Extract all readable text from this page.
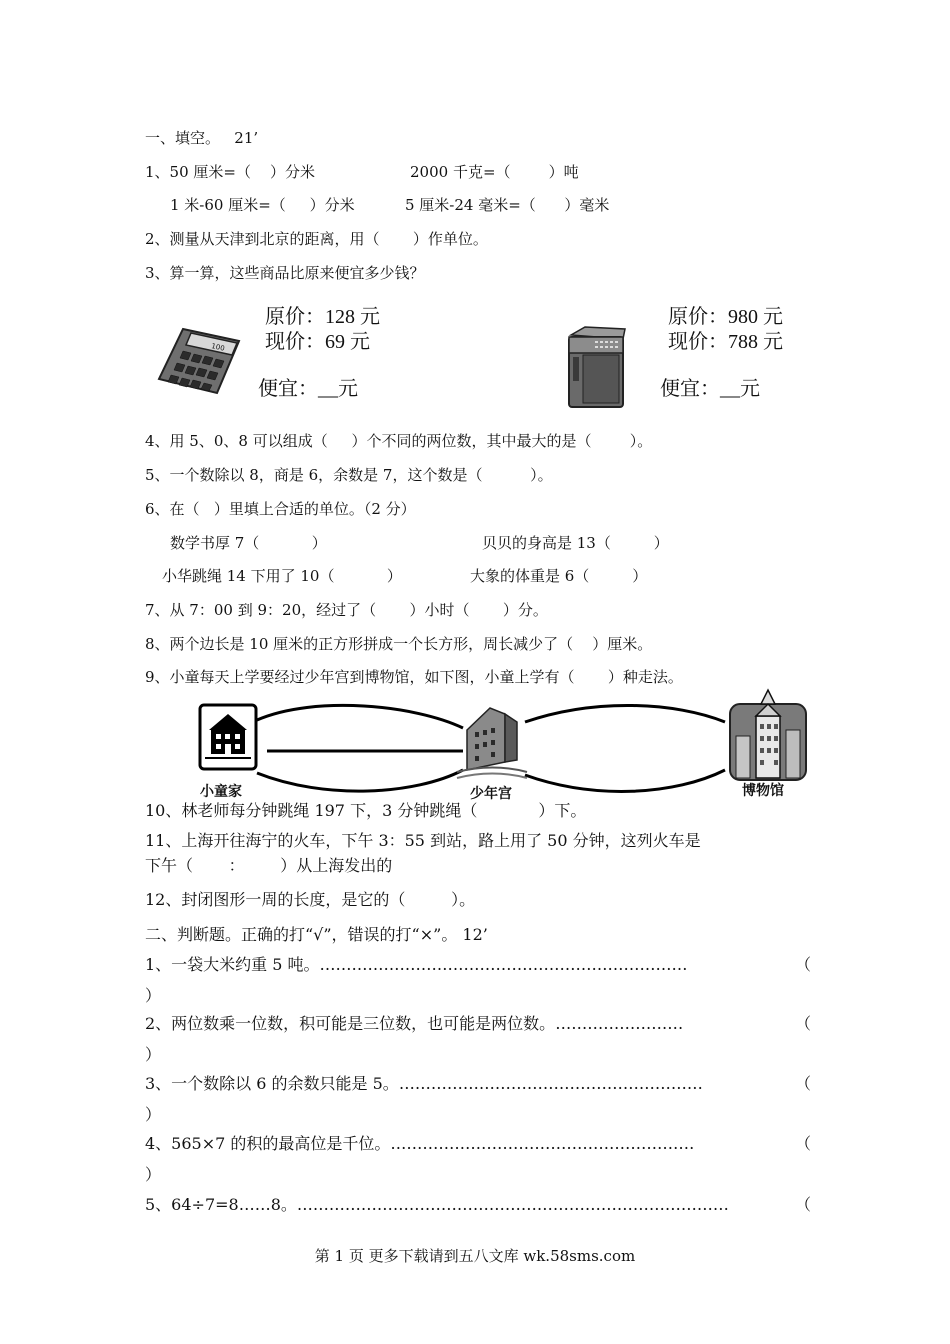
一、填空。   21’
1、50 厘米=（    ）分米	2000 千克=（        ）吨
1 米-60 厘米=（     ）分米	5 厘米-24 毫米=（      ）毫米
2、测量从天津到北京的距离，用（       ）作单位。
3、算一算，这些商品比原来便宜多少钱？
100
原价：128 元
现价：69 元
便宜：__元
原价：980 元
现价：788 元
便宜：__元
4、用 5、0、8 可以组成（     ）个不同的两位数，其中最大的是（        ）。
5、一个数除以 8，商是 6，余数是 7，这个数是（          ）。
6、在（   ）里填上合适的单位。（2 分）
数学书厚 7（           ）	贝贝的身高是 13（         ）
小华跳绳 14 下用了 10（           ）	大象的体重是 6（         ）
7、从 7：00 到 9：20，经过了（       ）小时（       ）分。
8、两个边长是 10 厘米的正方形拼成一个长方形，周长减少了（    ）厘米。
9、小童每天上学要经过少年宫到博物馆，如下图，小童上学有（       ）种走法。
小童家	少年宫	博物馆
10、林老师每分钟跳绳 197 下，3 分钟跳绳（            ）下。
11、上海开往海宁的火车，下午 3：55 到站，路上用了 50 分钟，这列火车是
下午（       ：       ）从上海发出的
12、封闭图形一周的长度，是它的（         ）。
二、判断题。正确的打“√”，错误的打“×”。 12’
1、一袋大米约重 5 吨。……………………………………………………………	（
）
2、两位数乘一位数，积可能是三位数，也可能是两位数。……………………	（
）
3、一个数除以 6 的余数只能是 5。…………………………………………………	（
）
4、565×7 的积的最高位是千位。…………………………………………………	（
）
5、64÷7=8……8。………………………………………………………………………	（
第 1 页 更多下载请到五八文库 wk.58sms.com
